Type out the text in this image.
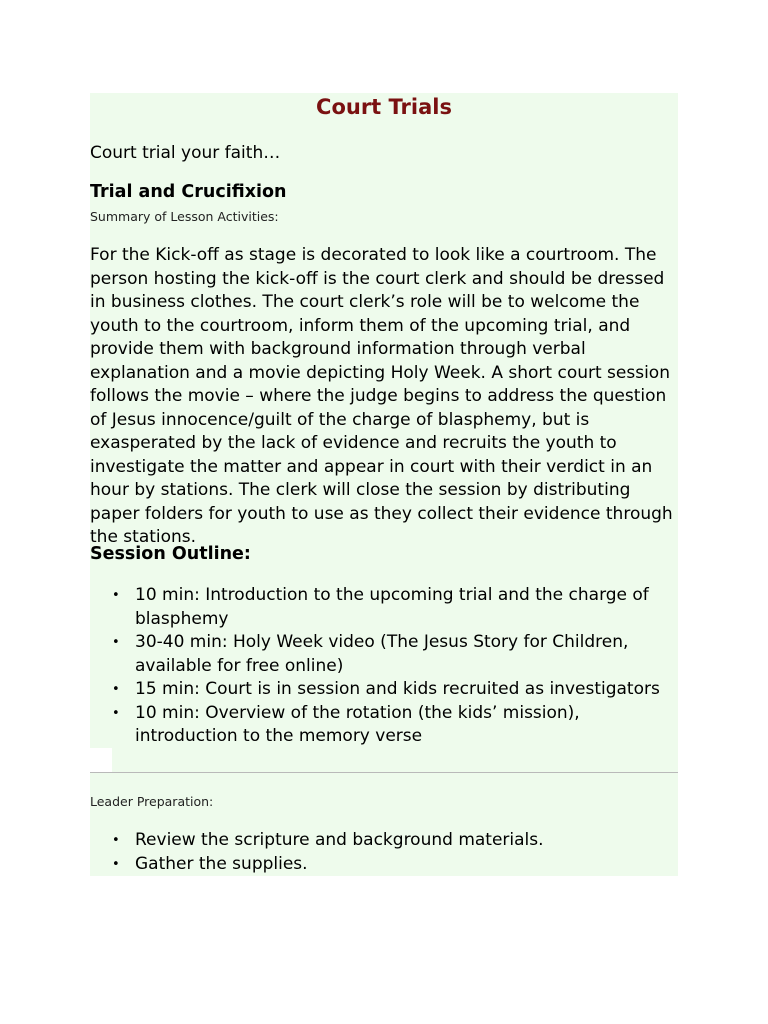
Court Trials

Court trial your faith…

Trial and Crucifixion

Summary of Lesson Activities:

For the Kick-off as stage is decorated to look like a courtroom. The person hosting the kick-off is the court clerk and should be dressed in business clothes. The court clerk’s role will be to welcome the youth to the courtroom, inform them of the upcoming trial, and provide them with background information through verbal explanation and a movie depicting Holy Week. A short court session follows the movie – where the judge begins to address the question of Jesus innocence/guilt of the charge of blasphemy, but is exasperated by the lack of evidence and recruits the youth to investigate the matter and appear in court with their verdict in an hour by stations. The clerk will close the session by distributing paper folders for youth to use as they collect their evidence through the stations.

Session Outline:
• 10 min: Introduction to the upcoming trial and the charge of blasphemy
• 30-40 min: Holy Week video (The Jesus Story for Children, available for free online)
• 15 min: Court is in session and kids recruited as investigators
• 10 min: Overview of the rotation (the kids’ mission), introduction to the memory verse

Leader Preparation:

• Review the scripture and background materials.
• Gather the supplies.
